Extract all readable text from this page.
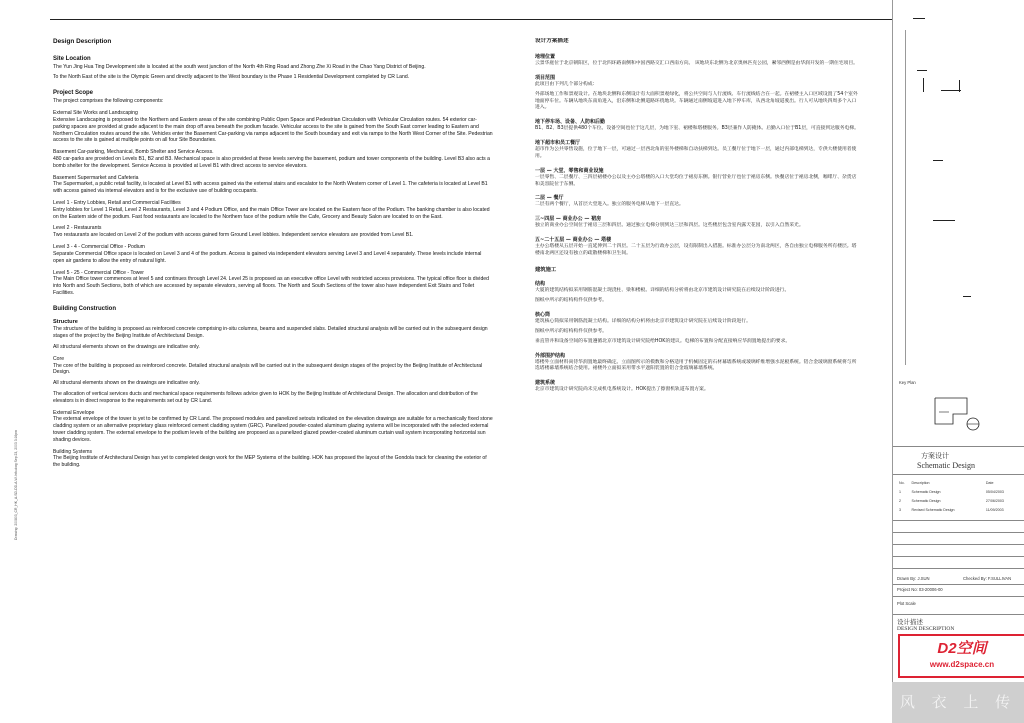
Drawing: 200803_CR_HK_A-SD-DD-A-W-Info.dwg Sep 23, 2003 3:16pm
Design Description
Site Location

The Yun Jing Hua Ting Development site is located at the south west junction of the North 4th Ring Road and Zhong Zhe Xi Road in the Chao Yang District of Beijing.

To the North East of the site is the Olympic Green and directly adjacent to the West boundary is the Phase 1 Residential Development completed by CR Land.

Project Scope

The project comprises the following components:

External Site Works and Landscaping

Extensive Landscaping is proposed to the Northern and Eastern areas of the site combining Public Open Space and Pedestrian Circulation with Vehicular Circulation routes. 54 exterior car-parking spaces are provided at grade adjacent to the main drop off area beneath the podium facade. Vehicular access to the site is gained from the South East corner leading to Eastern and Northern Circulation routes around the site. Vehicles enter the Basement Car-parking via ramps adjacent to the South boundary and exit via ramps to the North West Corner of the Site. Pedestrian access to the site is gained at multiple points on all four Site Boundaries.

Basement Car-parking, Mechanical, Bomb Shelter and Service Access.

480 car-parks are provided on Levels B1, B2 and B3. Mechanical space is also provided at these levels serving the basement, podium and tower components of the building. Level B3 also acts a bomb shelter for the development. Service Access is provided at Level B1 with direct access to service elevators.

Basement Supermarket and Cafeteria

The Supermarket, a public retail facility, is located at Level B1 with access gained via the external stairs and escalator to the North Western corner of Level 1. The cafeteria is located at Level B1 with access gained via internal elevators and is for the exclusive use of building occupants.

Level 1 - Entry Lobbies, Retail and Commercial Facilities

Entry lobbies for Level 1 Retail, Level 2 Restaurants, Level 3 and 4 Podium Office, and the main Office Tower are located on the Eastern face of the Podium. The banking chamber is also located on the Eastern side of the podium. Fast food restaurants are located to the Northern face of the podium while the Cafe, Grocery and Beauty Salon are located to on the East.

Level 2 - Restaurants

Two restaurants are located on Level 2 of the podium with access gained form Ground Level lobbies. Independent service elevators are provided from Level B1.

Level 3 - 4 - Commercial Office - Podium

Separate Commercial Office space is located on Level 3 and 4 of the podium. Access is gained via independent elevators serving Level 3 and Level 4 separately. These levels include internal open air gardens to allow the entry of natural light.

Level 5 - 25 - Commercial Office - Tower

The Main Office tower commences at level 5 and continues through Level 24. Level 25 is proposed as an executive office Level with restricted access provisions. The typical office floor is divided into North and South Sections, both of which are accessed by separate elevators, serving all floors. The North and South Sections of the tower also have independent Exit Stairs and Toilet Facilities.

Building Construction
Structure

The structure of the building is proposed as reinforced concrete comprising in-situ columns, beams and suspended slabs. Detailed structural analysis will be carried out in the subsequent design stages of the project by the Beijing Institute of Architectural Design.

All structural elements shown on the drawings are indicative only.

Core

The core of the building is proposed as reinforced concrete. Detailed structural analysis will be carried out in the subsequent design stages of the project by the Beijing Institute of Architectural Design.

All structural elements shown on the drawings are indicative only.

The allocation of vertical services ducts and mechanical space requirements follows advice given to HOK by the Beijing Institute of Architectural Design. The allocation and distribution of the elevators is in direct response to the requirements set out by CR Land.

External Envelope

The external envelope of the tower is yet to be confirmed by CR Land. The proposed modules and panelized setouts indicated on the elevation drawings are suitable for a mechanically fixed stone cladding system or an alternative proprietary glass reinforced cement cladding system (GRC). Panelized powder-coated aluminum glazing systems will be incorporated with the selected external tower cladding system. The external envelope to the podium levels of the building are proposed as a panelized glazed powder-coated aluminum curtain wall system incorporating horizontal sun shading devices.

Building Systems

The Beijing Institute of Architectural Design has yet to completed design work for the MEP Systems of the building. HOK has proposed the layout of the Gondola track for cleaning the exterior of the building.

设计方案描述
地理位置

云景华庭位于北京朝阳区，位于北四环路南侧和中国西路交汇口西南方向。 该地块东北侧为北京奥林匹克公园，紧邻西侧是由华润开发的一期住宅项目。

项目范围

此项目由下列几个部分构成：

外部场地工作和景观设计。在地块北侧和东侧设计有大面积景观绿化，将公共空间与人行流线、车行流线结合在一起。在裙楼主入口区域设置了54个室外地面停车位。车辆从地块东南角进入，沿东侧和北侧道路环绕地块。车辆通过南侧坡道进入地下停车库，从西北角坡道驶出。行人可从地块四周多个入口进入。

地下停车场、设备、人防和后勤

B1、B2、B3层提供480个车位。设备空间也位于这几层，为地下室、裙楼和塔楼服务。B3层兼作人防掩体。后勤入口位于B1层，可直接到达服务电梯。

地下超市和员工餐厅

超市作为公共零售设施，位于地下一层，可通过一层西北角的室外楼梯和自动扶梯到达。员工餐厅位于地下一层，通过内部电梯到达，专供大楼使用者使用。

一层 — 大堂、零售和商业设施

一层零售、二层餐厅、三四层裙楼办公以及主办公塔楼的入口大堂均位于裙房东侧。银行营业厅也位于裙房东侧。快餐店位于裙房北侧，咖啡厅、杂货店和美容院位于东侧。

二层 — 餐厅

二层有两个餐厅，从首层大堂进入。独立的服务电梯从地下一层直达。

三~四层 — 商业办公 — 裙房

独立的商业办公空间位于裙房三层和四层。通过独立电梯分别到达三层和四层。这些楼层包含室内露天花园，以引入自然采光。

五~二十五层 — 商业办公 — 塔楼

主办公塔楼从五层开始一直延伸到二十四层。二十五层为行政办公层，设有限制出入措施。标准办公层分为南北两区，各自由独立电梯服务所有楼层。塔楼南北两区还设有独立的疏散楼梯和卫生间。

建筑施工
结构

大厦的建筑结构拟采用钢筋混凝土现浇柱、梁和楼板。详细的结构分析将由北京市建筑设计研究院在后续设计阶段进行。

图纸中所示的结构构件仅供参考。

核心筒

建筑核心筒拟采用钢筋混凝土结构。详细的结构分析将由北京市建筑设计研究院在后续设计阶段进行。

图纸中所示的结构构件仅供参考。

垂直管井和设备空间的布置遵循北京市建筑设计研究院给HOK的建议。电梯的布置和分配直接响应华润置地提出的要求。

外部围护结构

塔楼外立面材料尚待华润置地最终确定。立面图所示的模数和分格适用于机械固定的石材幕墙系统或玻璃纤维增强水泥板系统。铝合金玻璃窗系统将与所选塔楼幕墙系统结合使用。裙楼外立面拟采用带水平遮阳装置的铝合金玻璃幕墙系统。

建筑系统

北京市建筑设计研究院尚未完成机电系统设计。HOK提出了擦窗机轨道布置方案。

Key Plan
方案设计
Schematic Design
Drawn By: J.SUN	Checked By: F.SULLIVAN
Project No: 03-20006-00
Plot Scale
设计描述
DESIGN DESCRIPTION
No.	Description	Date
1	Schematic Design	05/04/2003
2	Schematic Design	27/06/2003
3	Revised Schematic Design	11/09/2003
D2空间
www.d2space.cn
风 衣 上 传
